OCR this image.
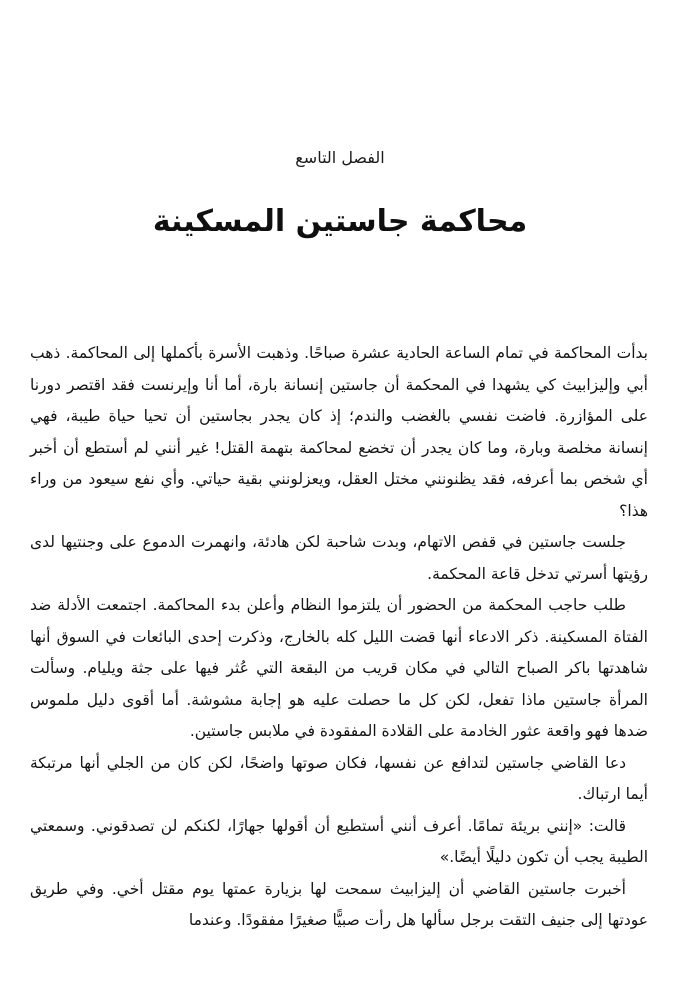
الفصل التاسع
محاكمة جاستين المسكينة

بدأت المحاكمة في تمام الساعة الحادية عشرة صباحًا. وذهبت الأسرة بأكملها إلى المحاكمة. ذهب أبي وإليزابيث كي يشهدا في المحكمة أن جاستين إنسانة بارة، أما أنا وإيرنست فقد اقتصر دورنا على المؤازرة. فاضت نفسي بالغضب والندم؛ إذ كان يجدر بجاستين أن تحيا حياة طيبة، فهي إنسانة مخلصة وبارة، وما كان يجدر أن تخضع لمحاكمة بتهمة القتل! غير أنني لم أستطع أن أخبر أي شخص بما أعرفه، فقد يظنونني مختل العقل، ويعزلونني بقية حياتي. وأي نفع سيعود من وراء هذا؟

جلست جاستين في قفص الاتهام، وبدت شاحبة لكن هادئة، وانهمرت الدموع على وجنتيها لدى رؤيتها أسرتي تدخل قاعة المحكمة.

طلب حاجب المحكمة من الحضور أن يلتزموا النظام وأعلن بدء المحاكمة. اجتمعت الأدلة ضد الفتاة المسكينة. ذكر الادعاء أنها قضت الليل كله بالخارج، وذكرت إحدى البائعات في السوق أنها شاهدتها باكر الصباح التالي في مكان قريب من البقعة التي عُثر فيها على جثة ويليام. وسألت المرأة جاستين ماذا تفعل، لكن كل ما حصلت عليه هو إجابة مشوشة. أما أقوى دليل ملموس ضدها فهو واقعة عثور الخادمة على القلادة المفقودة في ملابس جاستين.

دعا القاضي جاستين لتدافع عن نفسها، فكان صوتها واضحًا، لكن كان من الجلي أنها مرتبكة أيما ارتباك.

قالت: «إنني بريئة تمامًا. أعرف أنني أستطيع أن أقولها جهارًا، لكنكم لن تصدقوني. وسمعتي الطيبة يجب أن تكون دليلًا أيضًا.»

أخبرت جاستين القاضي أن إليزابيث سمحت لها بزيارة عمتها يوم مقتل أخي. وفي طريق عودتها إلى جنيف التقت برجل سألها هل رأت صبيًّا صغيرًا مفقودًا. وعندما
